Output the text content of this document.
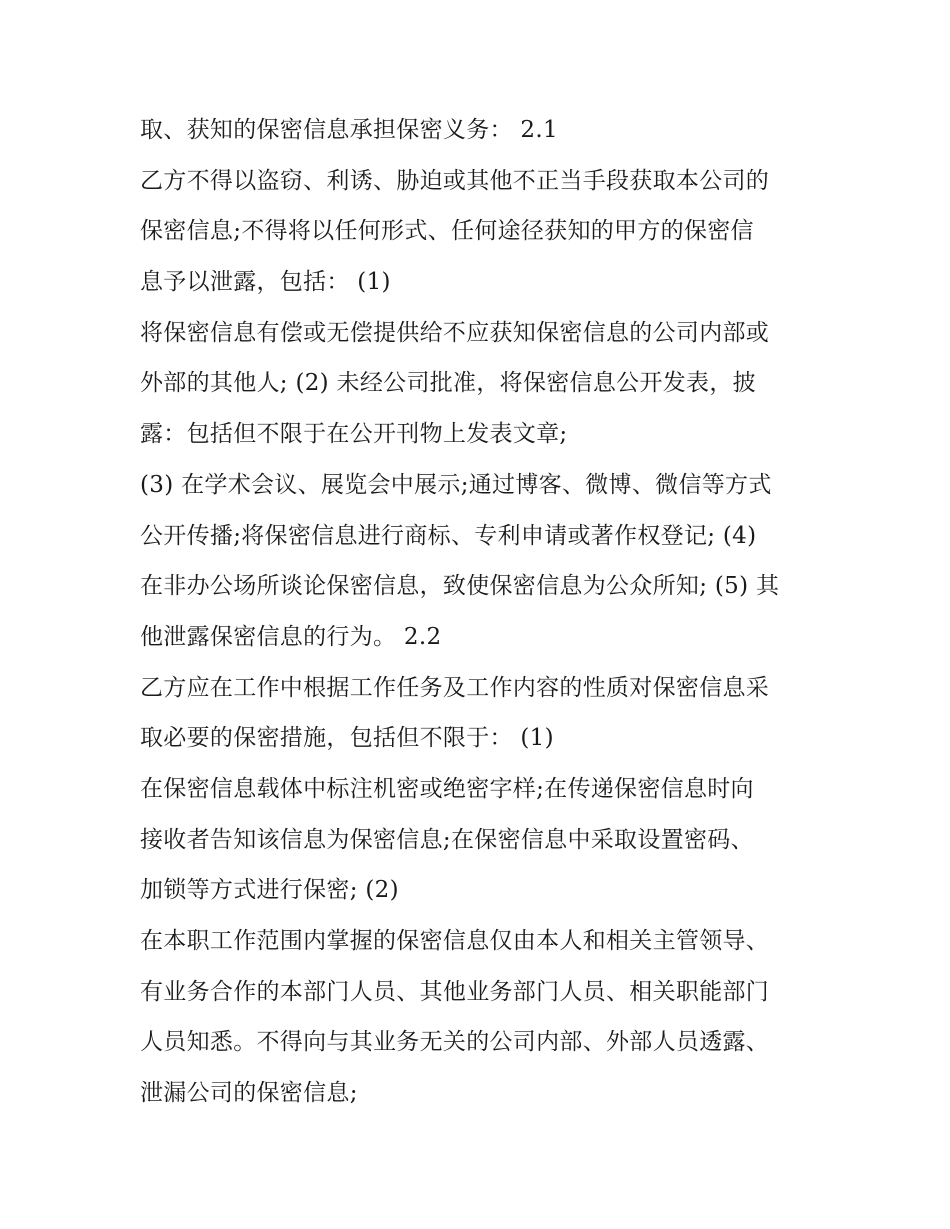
取、获知的保密信息承担保密义务： 2.1
乙方不得以盗窃、利诱、胁迫或其他不正当手段获取本公司的
保密信息;不得将以任何形式、任何途径获知的甲方的保密信
息予以泄露，包括： (1)
将保密信息有偿或无偿提供给不应获知保密信息的公司内部或
外部的其他人; (2) 未经公司批准，将保密信息公开发表，披
露：包括但不限于在公开刊物上发表文章;
(3) 在学术会议、展览会中展示;通过博客、微博、微信等方式
公开传播;将保密信息进行商标、专利申请或著作权登记; (4)
在非办公场所谈论保密信息，致使保密信息为公众所知; (5) 其
他泄露保密信息的行为。 2.2
乙方应在工作中根据工作任务及工作内容的性质对保密信息采
取必要的保密措施，包括但不限于： (1)
在保密信息载体中标注机密或绝密字样;在传递保密信息时向
接收者告知该信息为保密信息;在保密信息中采取设置密码、
加锁等方式进行保密; (2)
在本职工作范围内掌握的保密信息仅由本人和相关主管领导、
有业务合作的本部门人员、其他业务部门人员、相关职能部门
人员知悉。不得向与其业务无关的公司内部、外部人员透露、
泄漏公司的保密信息;
